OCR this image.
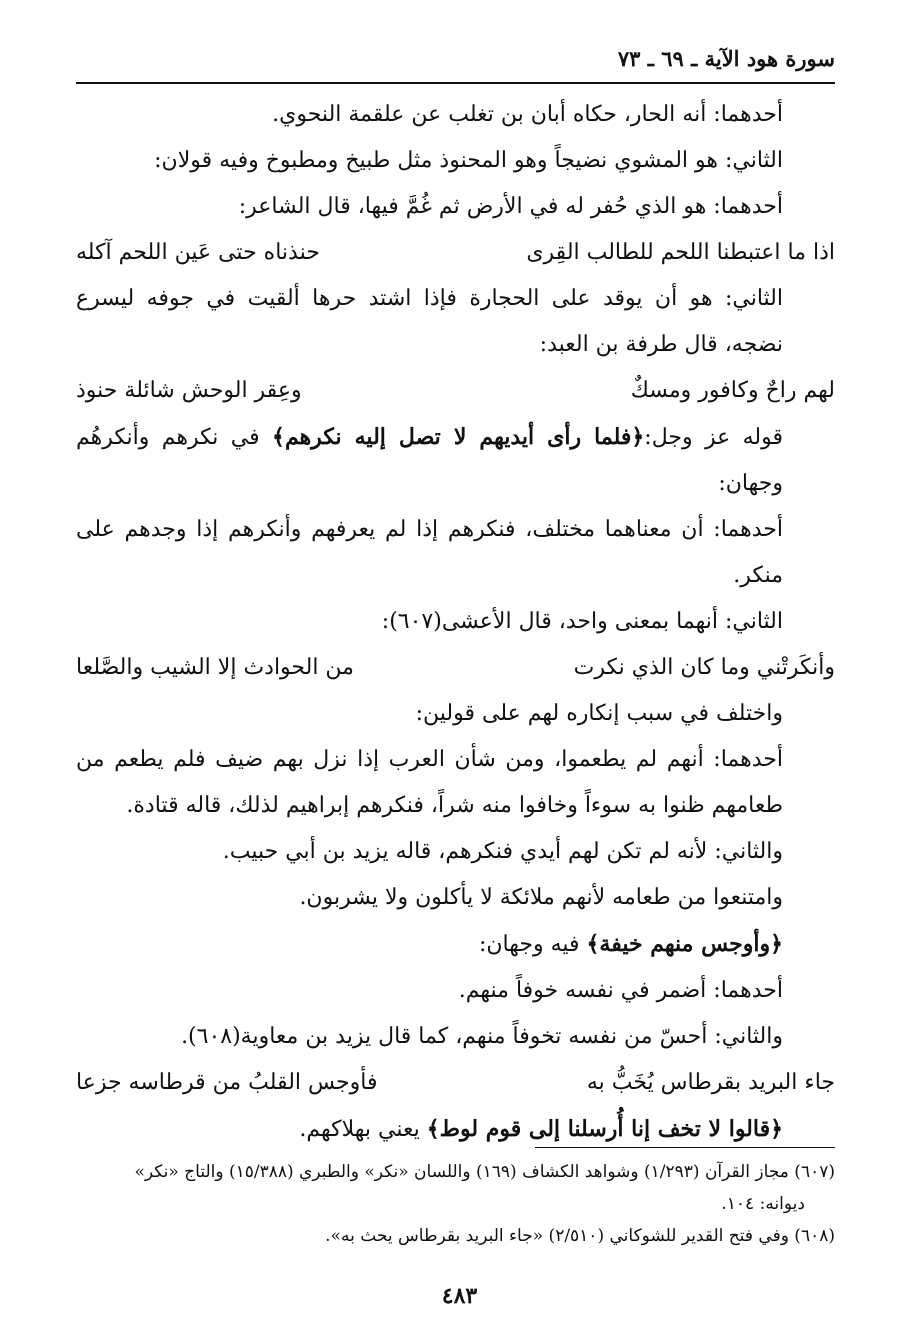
سورة هود الآية ـ ٦٩ ـ ٧٣

أحدهما: أنه الحار، حكاه أبان بن تغلب عن علقمة النحوي.

الثاني: هو المشوي نضيجاً وهو المحنوذ مثل طبيخ ومطبوخ وفيه قولان:

أحدهما: هو الذي حُفر له في الأرض ثم غُمَّ فيها، قال الشاعر:

اذا ما اعتبطنا اللحم للطالب القِرى
حنذناه حتى عَين اللحم آكله

الثاني: هو أن يوقد على الحجارة فإذا اشتد حرها ألقيت في جوفه ليسرع نضجه، قال طرفة بن العبد:

لهم راحٌ وكافور ومسكٌ
وعِقر الوحش شائلة حنوذ

قوله عز وجل:﴿فلما رأى أيديهم لا تصل إليه نكرهم﴾ في نكرهم وأنكرهُم وجهان:

أحدهما: أن معناهما مختلف، فنكرهم إذا لم يعرفهم وأنكرهم إذا وجدهم على منكر.

الثاني: أنهما بمعنى واحد، قال الأعشى(٦٠٧):

وأنكَرتْني وما كان الذي نكرت
من الحوادث إلا الشيب والصَّلعا

واختلف في سبب إنكاره لهم على قولين:

أحدهما: أنهم لم يطعموا، ومن شأن العرب إذا نزل بهم ضيف فلم يطعم من طعامهم ظنوا به سوءاً وخافوا منه شراً، فنكرهم إبراهيم لذلك، قاله قتادة.

والثاني: لأنه لم تكن لهم أيدي فنكرهم، قاله يزيد بن أبي حبيب.

وامتنعوا من طعامه لأنهم ملائكة لا يأكلون ولا يشربون.

﴿وأوجس منهم خيفة﴾ فيه وجهان:

أحدهما: أضمر في نفسه خوفاً منهم.

والثاني: أحسّ من نفسه تخوفاً منهم، كما قال يزيد بن معاوية(٦٠٨).

جاء البريد بقرطاس يُخَبُّ به
فأوجس القلبُ من قرطاسه جزعا

﴿قالوا لا تخف إنا أُرسلنا إلى قوم لوط﴾ يعني بهلاكهم.

(٦٠٧) مجاز القرآن (١/٢٩٣) وشواهد الكشاف (١٦٩) واللسان «نكر» والطبري (١٥/٣٨٨) والتاج «نكر»

ديوانه: ١٠٤.

(٦٠٨) وفي فتح القدير للشوكاني (٢/٥١٠) «جاء البريد بقرطاس يحث به».

٤٨٣
